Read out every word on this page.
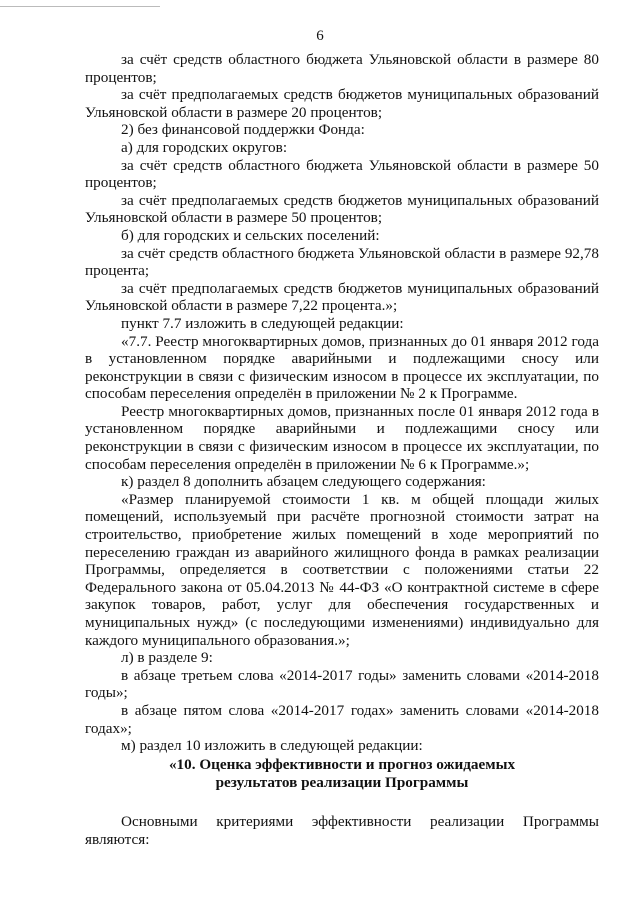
6

за счёт средств областного бюджета Ульяновской области в размере 80 процентов;

за счёт предполагаемых средств бюджетов муниципальных образований Ульяновской области в размере 20 процентов;

2) без финансовой поддержки Фонда:

а) для городских округов:

за счёт средств областного бюджета Ульяновской области в размере 50 процентов;

за счёт предполагаемых средств бюджетов муниципальных образований Ульяновской области в размере 50 процентов;

б) для городских и сельских поселений:

за счёт средств областного бюджета Ульяновской области в размере 92,78 процента;

за счёт предполагаемых средств бюджетов муниципальных образований Ульяновской области в размере 7,22 процента.»;

пункт 7.7 изложить в следующей редакции:

«7.7. Реестр многоквартирных домов, признанных до 01 января 2012 года в установленном порядке аварийными и подлежащими сносу или реконструкции в связи с физическим износом в процессе их эксплуатации, по способам переселения определён в приложении № 2 к Программе.

Реестр многоквартирных домов, признанных после 01 января 2012 года в установленном порядке аварийными и подлежащими сносу или реконструкции в связи с физическим износом в процессе их эксплуатации, по способам переселения определён в приложении № 6 к Программе.»;

к) раздел 8 дополнить абзацем следующего содержания:

«Размер планируемой стоимости 1 кв. м общей площади жилых помещений, используемый при расчёте прогнозной стоимости затрат на строительство, приобретение жилых помещений в ходе мероприятий по переселению граждан из аварийного жилищного фонда в рамках реализации Программы, определяется в соответствии с положениями статьи 22 Федерального закона от 05.04.2013 № 44-ФЗ «О контрактной системе в сфере закупок товаров, работ, услуг для обеспечения государственных и муниципальных нужд» (с последующими изменениями) индивидуально для каждого муниципального образования.»;

л) в разделе 9:

в абзаце третьем слова «2014-2017 годы» заменить словами «2014-2018 годы»;

в абзаце пятом слова «2014-2017 годах» заменить словами «2014-2018 годах»;

м) раздел 10 изложить в следующей редакции:

«10. Оценка эффективности и прогноз ожидаемых

результатов реализации Программы

Основными критериями эффективности реализации Программы являются:
